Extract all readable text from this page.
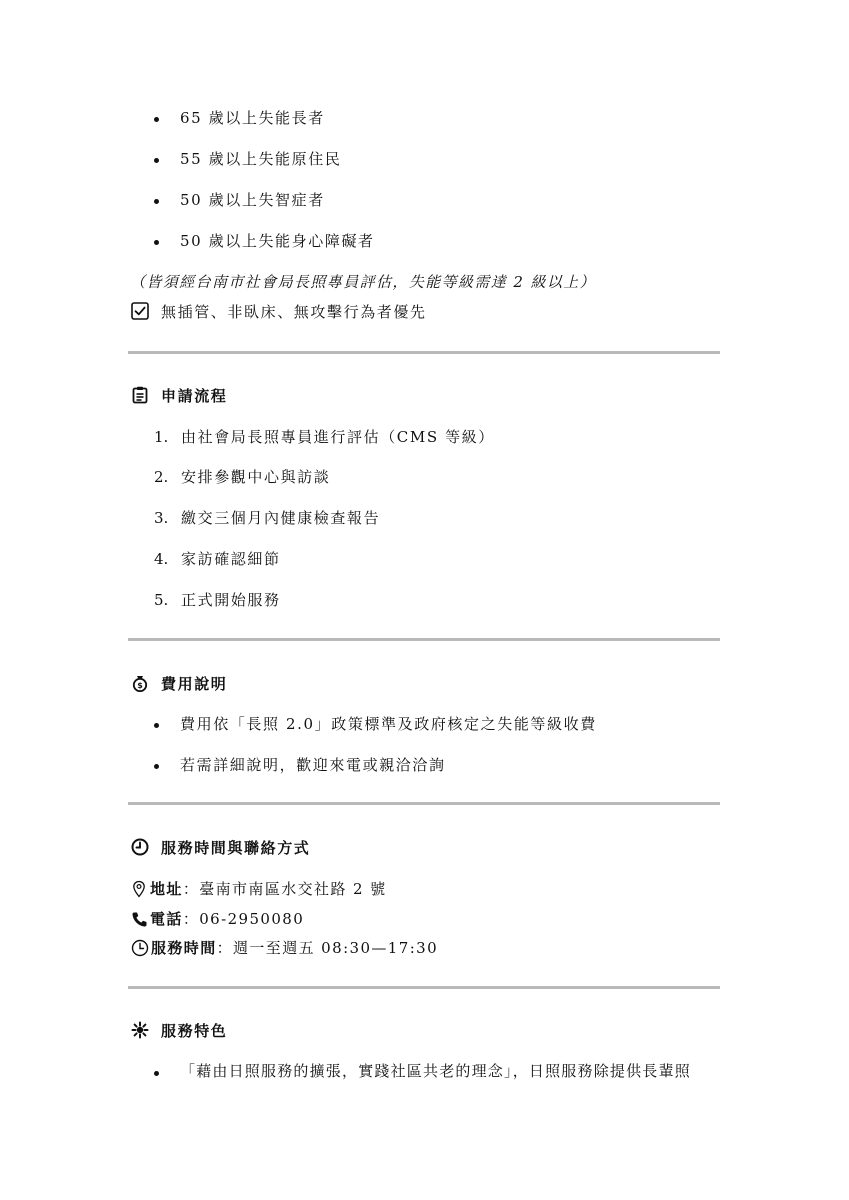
65 歲以上失能長者
55 歲以上失能原住民
50 歲以上失智症者
50 歲以上失能身心障礙者
（皆須經台南市社會局長照專員評估，失能等級需達 2 級以上）
無插管、非臥床、無攻擊行為者優先
申請流程
1. 由社會局長照專員進行評估（CMS 等級）
2. 安排參觀中心與訪談
3. 繳交三個月內健康檢查報告
4. 家訪確認細節
5. 正式開始服務
$ 費用說明
費用依「長照 2.0」政策標準及政府核定之失能等級收費
若需詳細說明，歡迎來電或親洽洽詢
服務時間與聯絡方式
地址 ：臺南市南區水交社路 2 號
電話 ：06-2950080
服務時間 ：週一至週五 08:30—17:30
服務特色
「藉由日照服務的擴張，實踐社區共老的理念」，日照服務除提供長輩照
